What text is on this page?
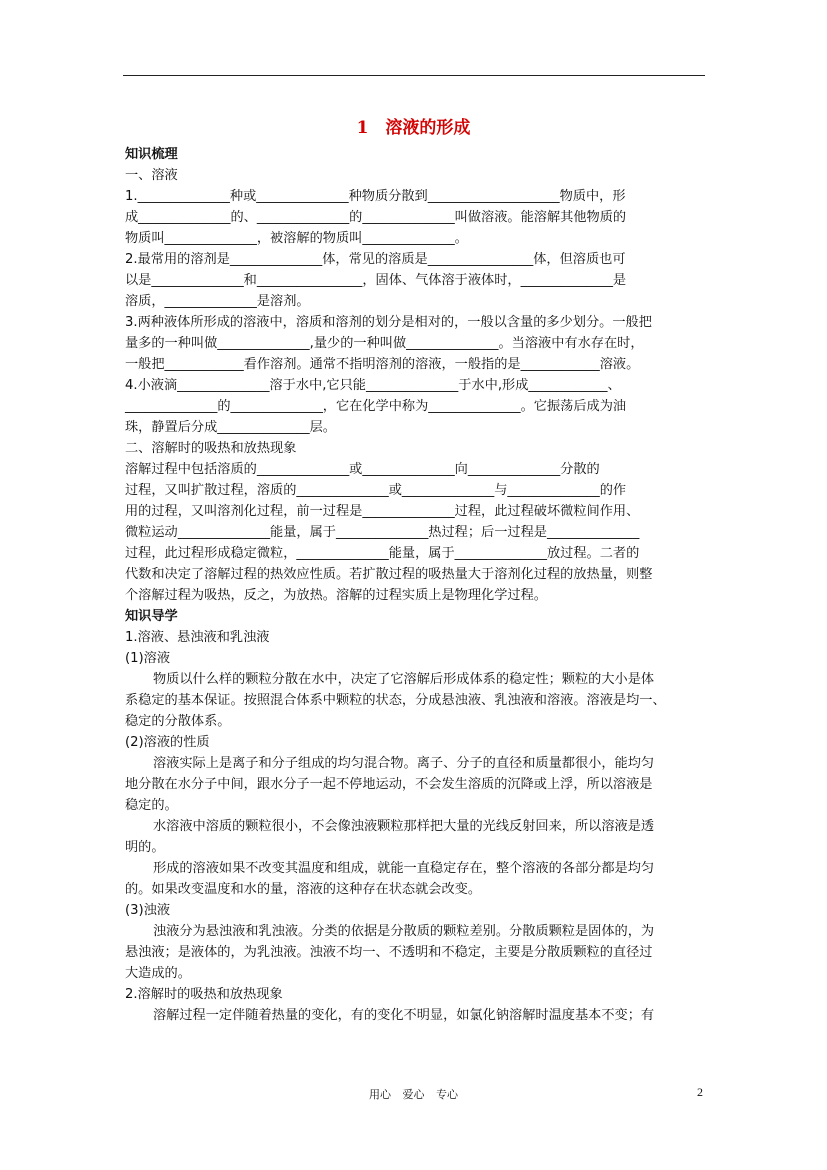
1　溶液的形成
知识梳理
一、溶液
1.______________种或______________种物质分散到____________________物质中，形
成______________的、______________的______________叫做溶液。能溶解其他物质的
物质叫______________，被溶解的物质叫______________。
2.最常用的溶剂是______________体，常见的溶质是________________体，但溶质也可
以是______________和________________，固体、气体溶于液体时，______________是
溶质，______________是溶剂。
3.两种液体所形成的溶液中，溶质和溶剂的划分是相对的，一般以含量的多少划分。一般把
量多的一种叫做______________,量少的一种叫做______________。当溶液中有水存在时，
一般把____________看作溶剂。通常不指明溶剂的溶液，一般指的是____________溶液。
4.小液滴______________溶于水中,它只能______________于水中,形成____________、
______________的______________，它在化学中称为______________。它振荡后成为油
珠，静置后分成______________层。
二、溶解时的吸热和放热现象
溶解过程中包括溶质的______________或______________向______________分散的
过程，又叫扩散过程，溶质的______________或______________与______________的作
用的过程，又叫溶剂化过程，前一过程是______________过程，此过程破坏微粒间作用、
微粒运动______________能量，属于______________热过程；后一过程是______________
过程，此过程形成稳定微粒，______________能量，属于______________放过程。二者的
代数和决定了溶解过程的热效应性质。若扩散过程的吸热量大于溶剂化过程的放热量，则整
个溶解过程为吸热，反之，为放热。溶解的过程实质上是物理化学过程。
知识导学
1.溶液、悬浊液和乳浊液
(1)溶液
物质以什么样的颗粒分散在水中，决定了它溶解后形成体系的稳定性；颗粒的大小是体
系稳定的基本保证。按照混合体系中颗粒的状态，分成悬浊液、乳浊液和溶液。溶液是均一、
稳定的分散体系。
(2)溶液的性质
溶液实际上是离子和分子组成的均匀混合物。离子、分子的直径和质量都很小，能均匀
地分散在水分子中间，跟水分子一起不停地运动，不会发生溶质的沉降或上浮，所以溶液是
稳定的。
水溶液中溶质的颗粒很小，不会像浊液颗粒那样把大量的光线反射回来，所以溶液是透
明的。
形成的溶液如果不改变其温度和组成，就能一直稳定存在，整个溶液的各部分都是均匀
的。如果改变温度和水的量，溶液的这种存在状态就会改变。
(3)浊液
浊液分为悬浊液和乳浊液。分类的依据是分散质的颗粒差别。分散质颗粒是固体的，为
悬浊液；是液体的，为乳浊液。浊液不均一、不透明和不稳定，主要是分散质颗粒的直径过
大造成的。
2.溶解时的吸热和放热现象
溶解过程一定伴随着热量的变化，有的变化不明显，如氯化钠溶解时温度基本不变；有
用心 爱心 专心	2
